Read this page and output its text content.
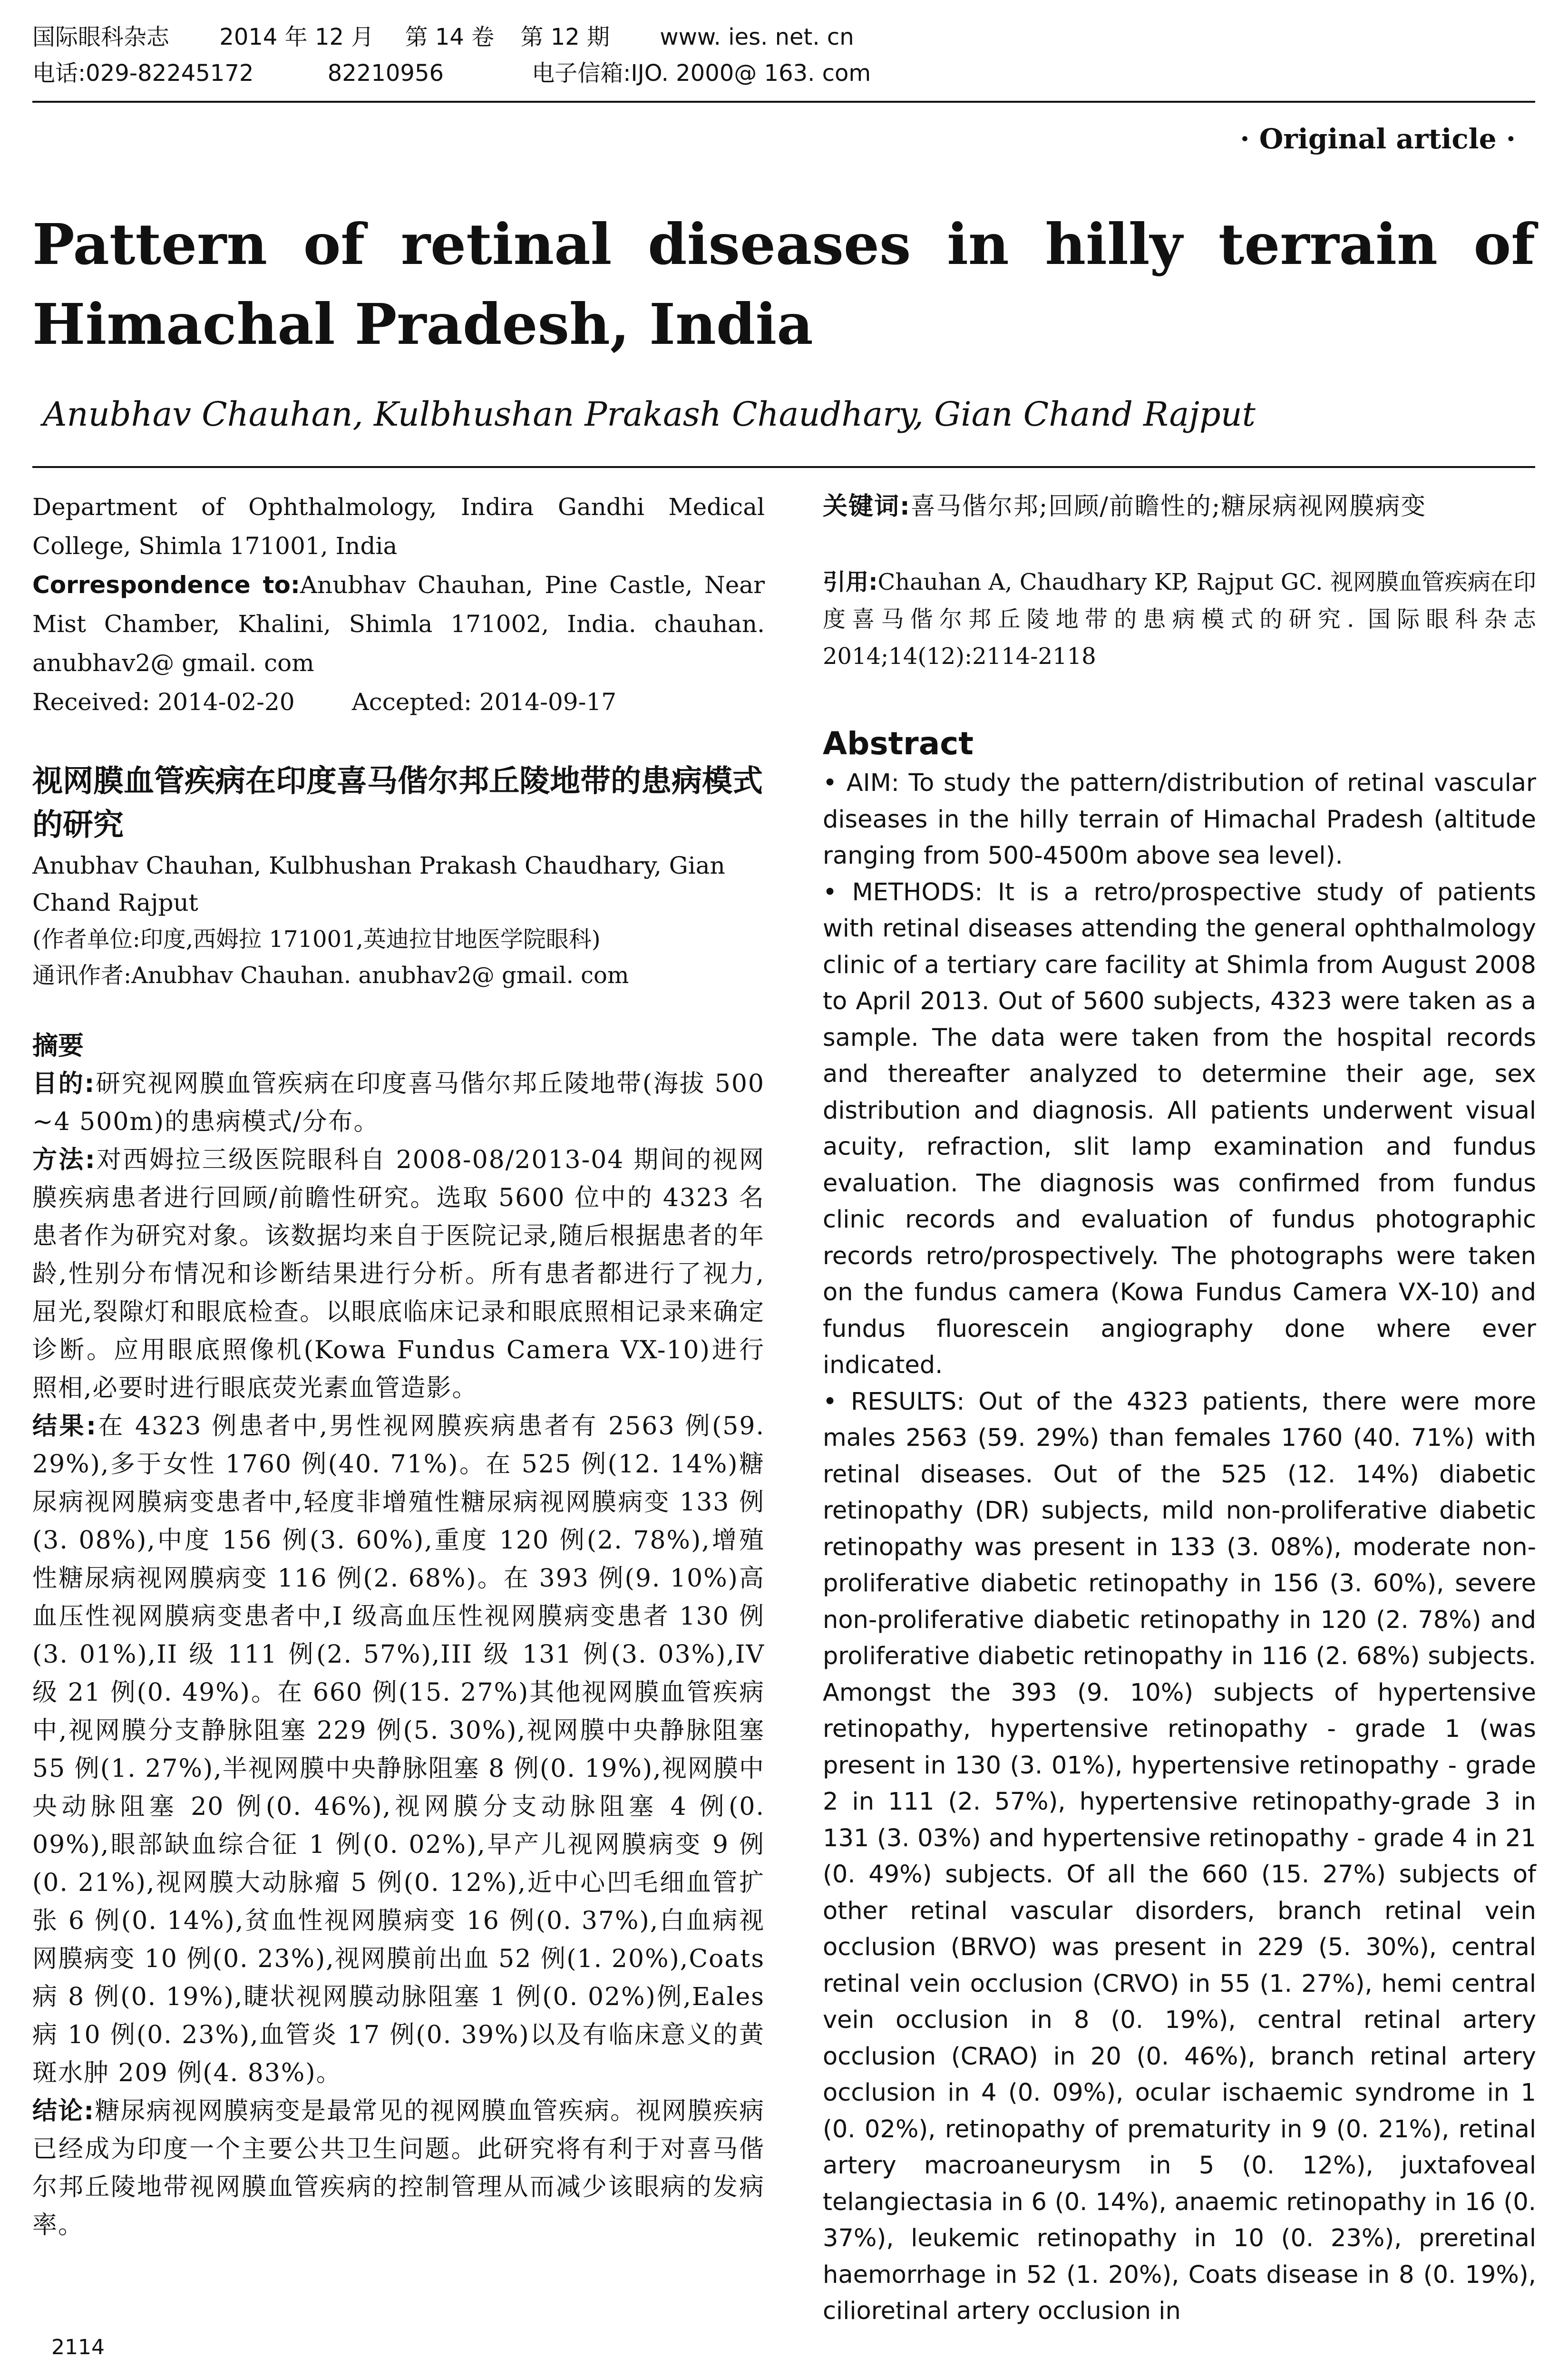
国际眼科杂志 2014 年 12 月 第 14 卷 第 12 期 www. ies. net. cn
电话:029-82245172	82210956	电子信箱:IJO. 2000@ 163. com
· Original article ·
Pattern of retinal diseases in hilly terrain of Himachal Pradesh, India
Anubhav Chauhan, Kulbhushan Prakash Chaudhary, Gian Chand Rajput
Department of Ophthalmology, Indira Gandhi Medical College, Shimla 171001, India
Correspondence to:Anubhav Chauhan, Pine Castle, Near Mist Chamber, Khalini, Shimla 171002, India. chauhan. anubhav2@ gmail. com
Received: 2014-02-20 Accepted: 2014-09-17
视网膜血管疾病在印度喜马偕尔邦丘陵地带的患病模式的研究
Anubhav Chauhan, Kulbhushan Prakash Chaudhary, Gian Chand Rajput
(作者单位:印度,西姆拉 171001,英迪拉甘地医学院眼科)
通讯作者:Anubhav Chauhan. anubhav2@ gmail. com
摘要
目的:研究视网膜血管疾病在印度喜马偕尔邦丘陵地带(海拔 500 ~4 500m)的患病模式/分布。
方法:对西姆拉三级医院眼科自 2008-08/2013-04 期间的视网膜疾病患者进行回顾/前瞻性研究。选取 5600 位中的 4323 名患者作为研究对象。该数据均来自于医院记录,随后根据患者的年龄,性别分布情况和诊断结果进行分析。所有患者都进行了视力,屈光,裂隙灯和眼底检查。以眼底临床记录和眼底照相记录来确定诊断。应用眼底照像机(Kowa Fundus Camera VX-10)进行照相,必要时进行眼底荧光素血管造影。
结果:在 4323 例患者中,男性视网膜疾病患者有 2563 例(59. 29%),多于女性 1760 例(40. 71%)。在 525 例(12. 14%)糖尿病视网膜病变患者中,轻度非增殖性糖尿病视网膜病变 133 例(3. 08%),中度 156 例(3. 60%),重度 120 例(2. 78%),增殖性糖尿病视网膜病变 116 例(2. 68%)。在 393 例(9. 10%)高血压性视网膜病变患者中,I 级高血压性视网膜病变患者 130 例(3. 01%),II 级 111 例(2. 57%),III 级 131 例(3. 03%),IV 级 21 例(0. 49%)。在 660 例(15. 27%)其他视网膜血管疾病中,视网膜分支静脉阻塞 229 例(5. 30%),视网膜中央静脉阻塞 55 例(1. 27%),半视网膜中央静脉阻塞 8 例(0. 19%),视网膜中央动脉阻塞 20 例(0. 46%),视网膜分支动脉阻塞 4 例(0. 09%),眼部缺血综合征 1 例(0. 02%),早产儿视网膜病变 9 例(0. 21%),视网膜大动脉瘤 5 例(0. 12%),近中心凹毛细血管扩张 6 例(0. 14%),贫血性视网膜病变 16 例(0. 37%),白血病视网膜病变 10 例(0. 23%),视网膜前出血 52 例(1. 20%),Coats 病 8 例(0. 19%),睫状视网膜动脉阻塞 1 例(0. 02%)例,Eales 病 10 例(0. 23%),血管炎 17 例(0. 39%)以及有临床意义的黄斑水肿 209 例(4. 83%)。
结论:糖尿病视网膜病变是最常见的视网膜血管疾病。视网膜疾病已经成为印度一个主要公共卫生问题。此研究将有利于对喜马偕尔邦丘陵地带视网膜血管疾病的控制管理从而减少该眼病的发病率。
关键词:喜马偕尔邦;回顾/前瞻性的;糖尿病视网膜病变
引用:Chauhan A, Chaudhary KP, Rajput GC. 视网膜血管疾病在印度喜马偕尔邦丘陵地带的患病模式的研究. 国际眼科杂志 2014;14(12):2114-2118
Abstract
• AIM: To study the pattern/distribution of retinal vascular diseases in the hilly terrain of Himachal Pradesh (altitude ranging from 500-4500m above sea level).
• METHODS: It is a retro/prospective study of patients with retinal diseases attending the general ophthalmology clinic of a tertiary care facility at Shimla from August 2008 to April 2013. Out of 5600 subjects, 4323 were taken as a sample. The data were taken from the hospital records and thereafter analyzed to determine their age, sex distribution and diagnosis. All patients underwent visual acuity, refraction, slit lamp examination and fundus evaluation. The diagnosis was confirmed from fundus clinic records and evaluation of fundus photographic records retro/prospectively. The photographs were taken on the fundus camera (Kowa Fundus Camera VX-10) and fundus fluorescein angiography done where ever indicated.
• RESULTS: Out of the 4323 patients, there were more males 2563 (59. 29%) than females 1760 (40. 71%) with retinal diseases. Out of the 525 (12. 14%) diabetic retinopathy (DR) subjects, mild non-proliferative diabetic retinopathy was present in 133 (3. 08%), moderate non-proliferative diabetic retinopathy in 156 (3. 60%), severe non-proliferative diabetic retinopathy in 120 (2. 78%) and proliferative diabetic retinopathy in 116 (2. 68%) subjects. Amongst the 393 (9. 10%) subjects of hypertensive retinopathy, hypertensive retinopathy - grade 1 (was present in 130 (3. 01%), hypertensive retinopathy - grade 2 in 111 (2. 57%), hypertensive retinopathy-grade 3 in 131 (3. 03%) and hypertensive retinopathy - grade 4 in 21 (0. 49%) subjects. Of all the 660 (15. 27%) subjects of other retinal vascular disorders, branch retinal vein occlusion (BRVO) was present in 229 (5. 30%), central retinal vein occlusion (CRVO) in 55 (1. 27%), hemi central vein occlusion in 8 (0. 19%), central retinal artery occlusion (CRAO) in 20 (0. 46%), branch retinal artery occlusion in 4 (0. 09%), ocular ischaemic syndrome in 1 (0. 02%), retinopathy of prematurity in 9 (0. 21%), retinal artery macroaneurysm in 5 (0. 12%), juxtafoveal telangiectasia in 6 (0. 14%), anaemic retinopathy in 16 (0. 37%), leukemic retinopathy in 10 (0. 23%), preretinal haemorrhage in 52 (1. 20%), Coats disease in 8 (0. 19%), cilioretinal artery occlusion in
2114
